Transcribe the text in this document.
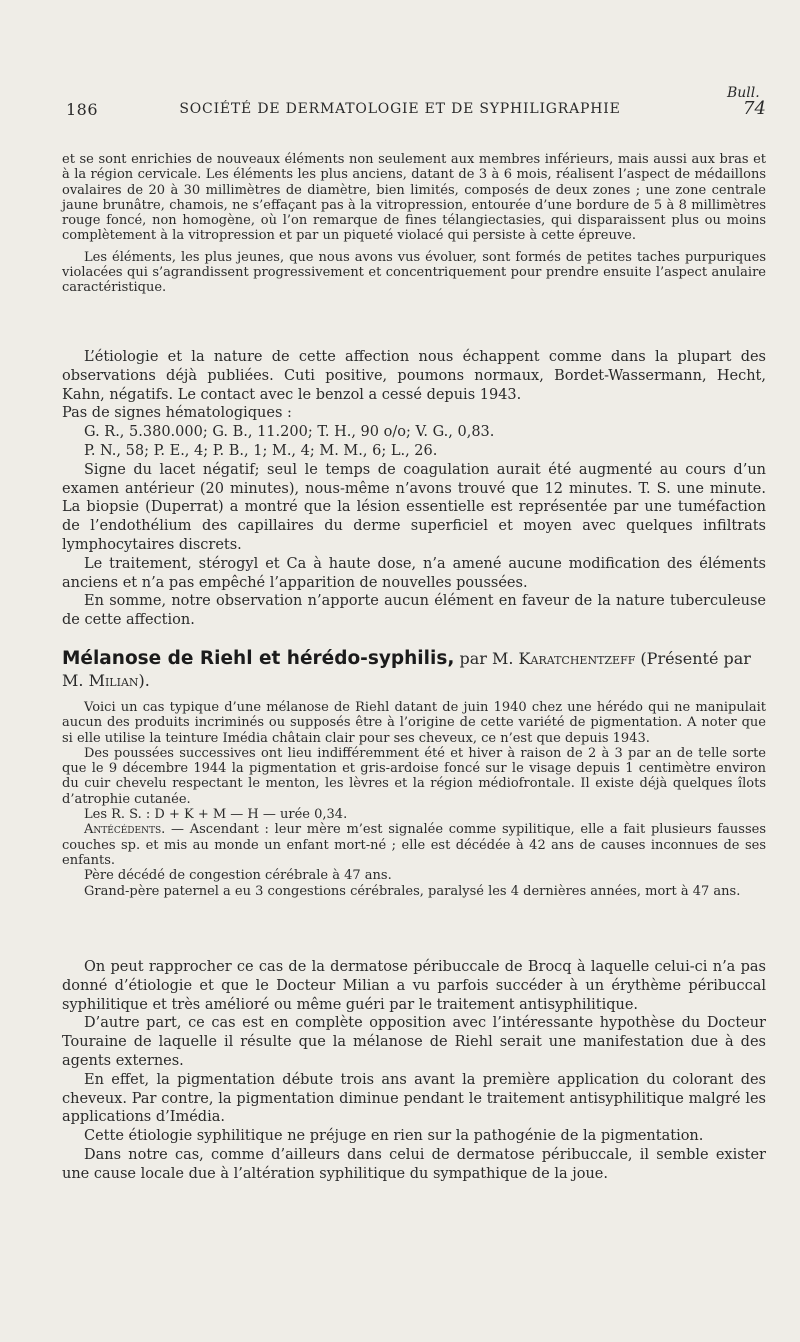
Bull.
186	SOCIÉTÉ DE DERMATOLOGIE ET DE SYPHILIGRAPHIE	74

et se sont enrichies de nouveaux éléments non seulement aux membres inférieurs, mais aussi aux bras et à la région cervicale. Les éléments les plus anciens, datant de 3 à 6 mois, réalisent l’aspect de médaillons ovalaires de 20 à 30 millimètres de diamètre, bien limités, composés de deux zones ; une zone centrale jaune brunâtre, chamois, ne s’effaçant pas à la vitropression, entourée d’une bordure de 5 à 8 millimètres rouge foncé, non homogène, où l’on remarque de fines télangiectasies, qui disparaissent plus ou moins complètement à la vitropression et par un piqueté violacé qui persiste à cette épreuve.

Les éléments, les plus jeunes, que nous avons vus évoluer, sont formés de petites taches purpuriques violacées qui s’agrandissent progressivement et concentriquement pour prendre ensuite l’aspect anulaire caractéristique.

L’étiologie et la nature de cette affection nous échappent comme dans la plupart des observations déjà publiées. Cuti positive, poumons normaux, Bordet-Wassermann, Hecht, Kahn, négatifs. Le contact avec le benzol a cessé depuis 1943.

Pas de signes hématologiques :

G. R., 5.380.000; G. B., 11.200; T. H., 90 o/o; V. G., 0,83.

P. N., 58; P. E., 4; P. B., 1; M., 4; M. M., 6; L., 26.

Signe du lacet négatif; seul le temps de coagulation aurait été augmenté au cours d’un examen antérieur (20 minutes), nous-même n’avons trouvé que 12 minutes. T. S. une minute. La biopsie (Duperrat) a montré que la lésion essentielle est représentée par une tuméfaction de l’endothélium des capillaires du derme superficiel et moyen avec quelques infiltrats lymphocytaires discrets.

Le traitement, stérogyl et Ca à haute dose, n’a amené aucune modification des éléments anciens et n’a pas empêché l’apparition de nouvelles poussées.

En somme, notre observation n’apporte aucun élément en faveur de la nature tuberculeuse de cette affection.

Mélanose de Riehl et hérédo-syphilis, par M. Karatchentzeff (Présenté par M. Milian).

Voici un cas typique d’une mélanose de Riehl datant de juin 1940 chez une hérédo qui ne manipulait aucun des produits incriminés ou supposés être à l’origine de cette variété de pigmentation. A noter que si elle utilise la teinture Imédia châtain clair pour ses cheveux, ce n’est que depuis 1943.

Des poussées successives ont lieu indifféremment été et hiver à raison de 2 à 3 par an de telle sorte que le 9 décembre 1944 la pigmentation et gris-ardoise foncé sur le visage depuis 1 centimètre environ du cuir chevelu respectant le menton, les lèvres et la région médiofrontale. Il existe déjà quelques îlots d’atrophie cutanée.

Les R. S. : D + K + M — H — urée 0,34.

Antécédents. — Ascendant : leur mère m’est signalée comme sypilitique, elle a fait plusieurs fausses couches sp. et mis au monde un enfant mort-né ; elle est décédée à 42 ans de causes inconnues de ses enfants.

Père décédé de congestion cérébrale à 47 ans.

Grand-père paternel a eu 3 congestions cérébrales, paralysé les 4 dernières années, mort à 47 ans.

On peut rapprocher ce cas de la dermatose péribuccale de Brocq à laquelle celui-ci n’a pas donné d’étiologie et que le Docteur Milian a vu parfois succéder à un érythème péribuccal syphilitique et très amélioré ou même guéri par le traitement antisyphilitique.

D’autre part, ce cas est en complète opposition avec l’intéressante hypothèse du Docteur Touraine de laquelle il résulte que la mélanose de Riehl serait une manifestation due à des agents externes.

En effet, la pigmentation débute trois ans avant la première application du colorant des cheveux. Par contre, la pigmentation diminue pendant le traitement antisyphilitique malgré les applications d’Imédia.

Cette étiologie syphilitique ne préjuge en rien sur la pathogénie de la pigmentation.

Dans notre cas, comme d’ailleurs dans celui de dermatose péribuccale, il semble exister une cause locale due à l’altération syphilitique du sympathique de la joue.
